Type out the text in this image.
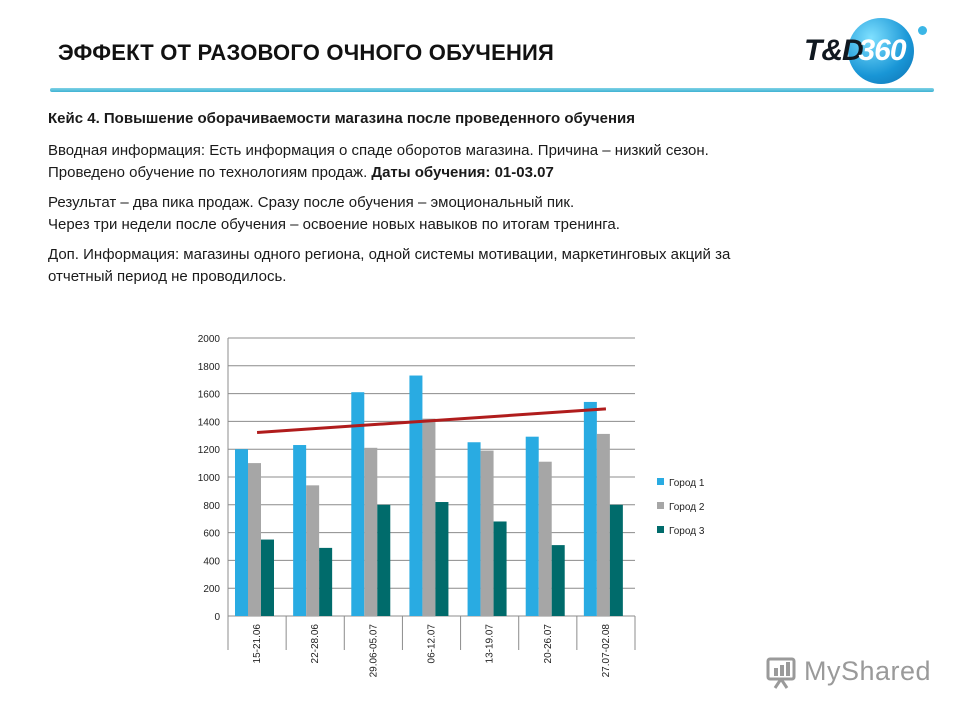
ЭФФЕКТ ОТ РАЗОВОГО ОЧНОГО ОБУЧЕНИЯ	T&D
360
Кейс 4. Повышение оборачиваемости магазина после проведенного обучения
Вводная информация: Есть информация о спаде оборотов магазина. Причина – низкий сезон.
Проведено обучение по технологиям продаж. Даты обучения: 01-03.07
Результат – два пика продаж. Сразу после обучения – эмоциональный пик.
Через три недели после обучения – освоение новых навыков по итогам тренинга.
Доп. Информация: магазины одного региона, одной системы мотивации, маркетинговых акций за
отчетный период не проводилось.
0
200
400
600
800
1000
1200
1400
1600
1800
2000
15-21.06	22-28.06	29.06-05.07	06-12.07	13-19.07	20-26.07	27.07-02.08
Город 1
Город 2
Город 3
MyShared
